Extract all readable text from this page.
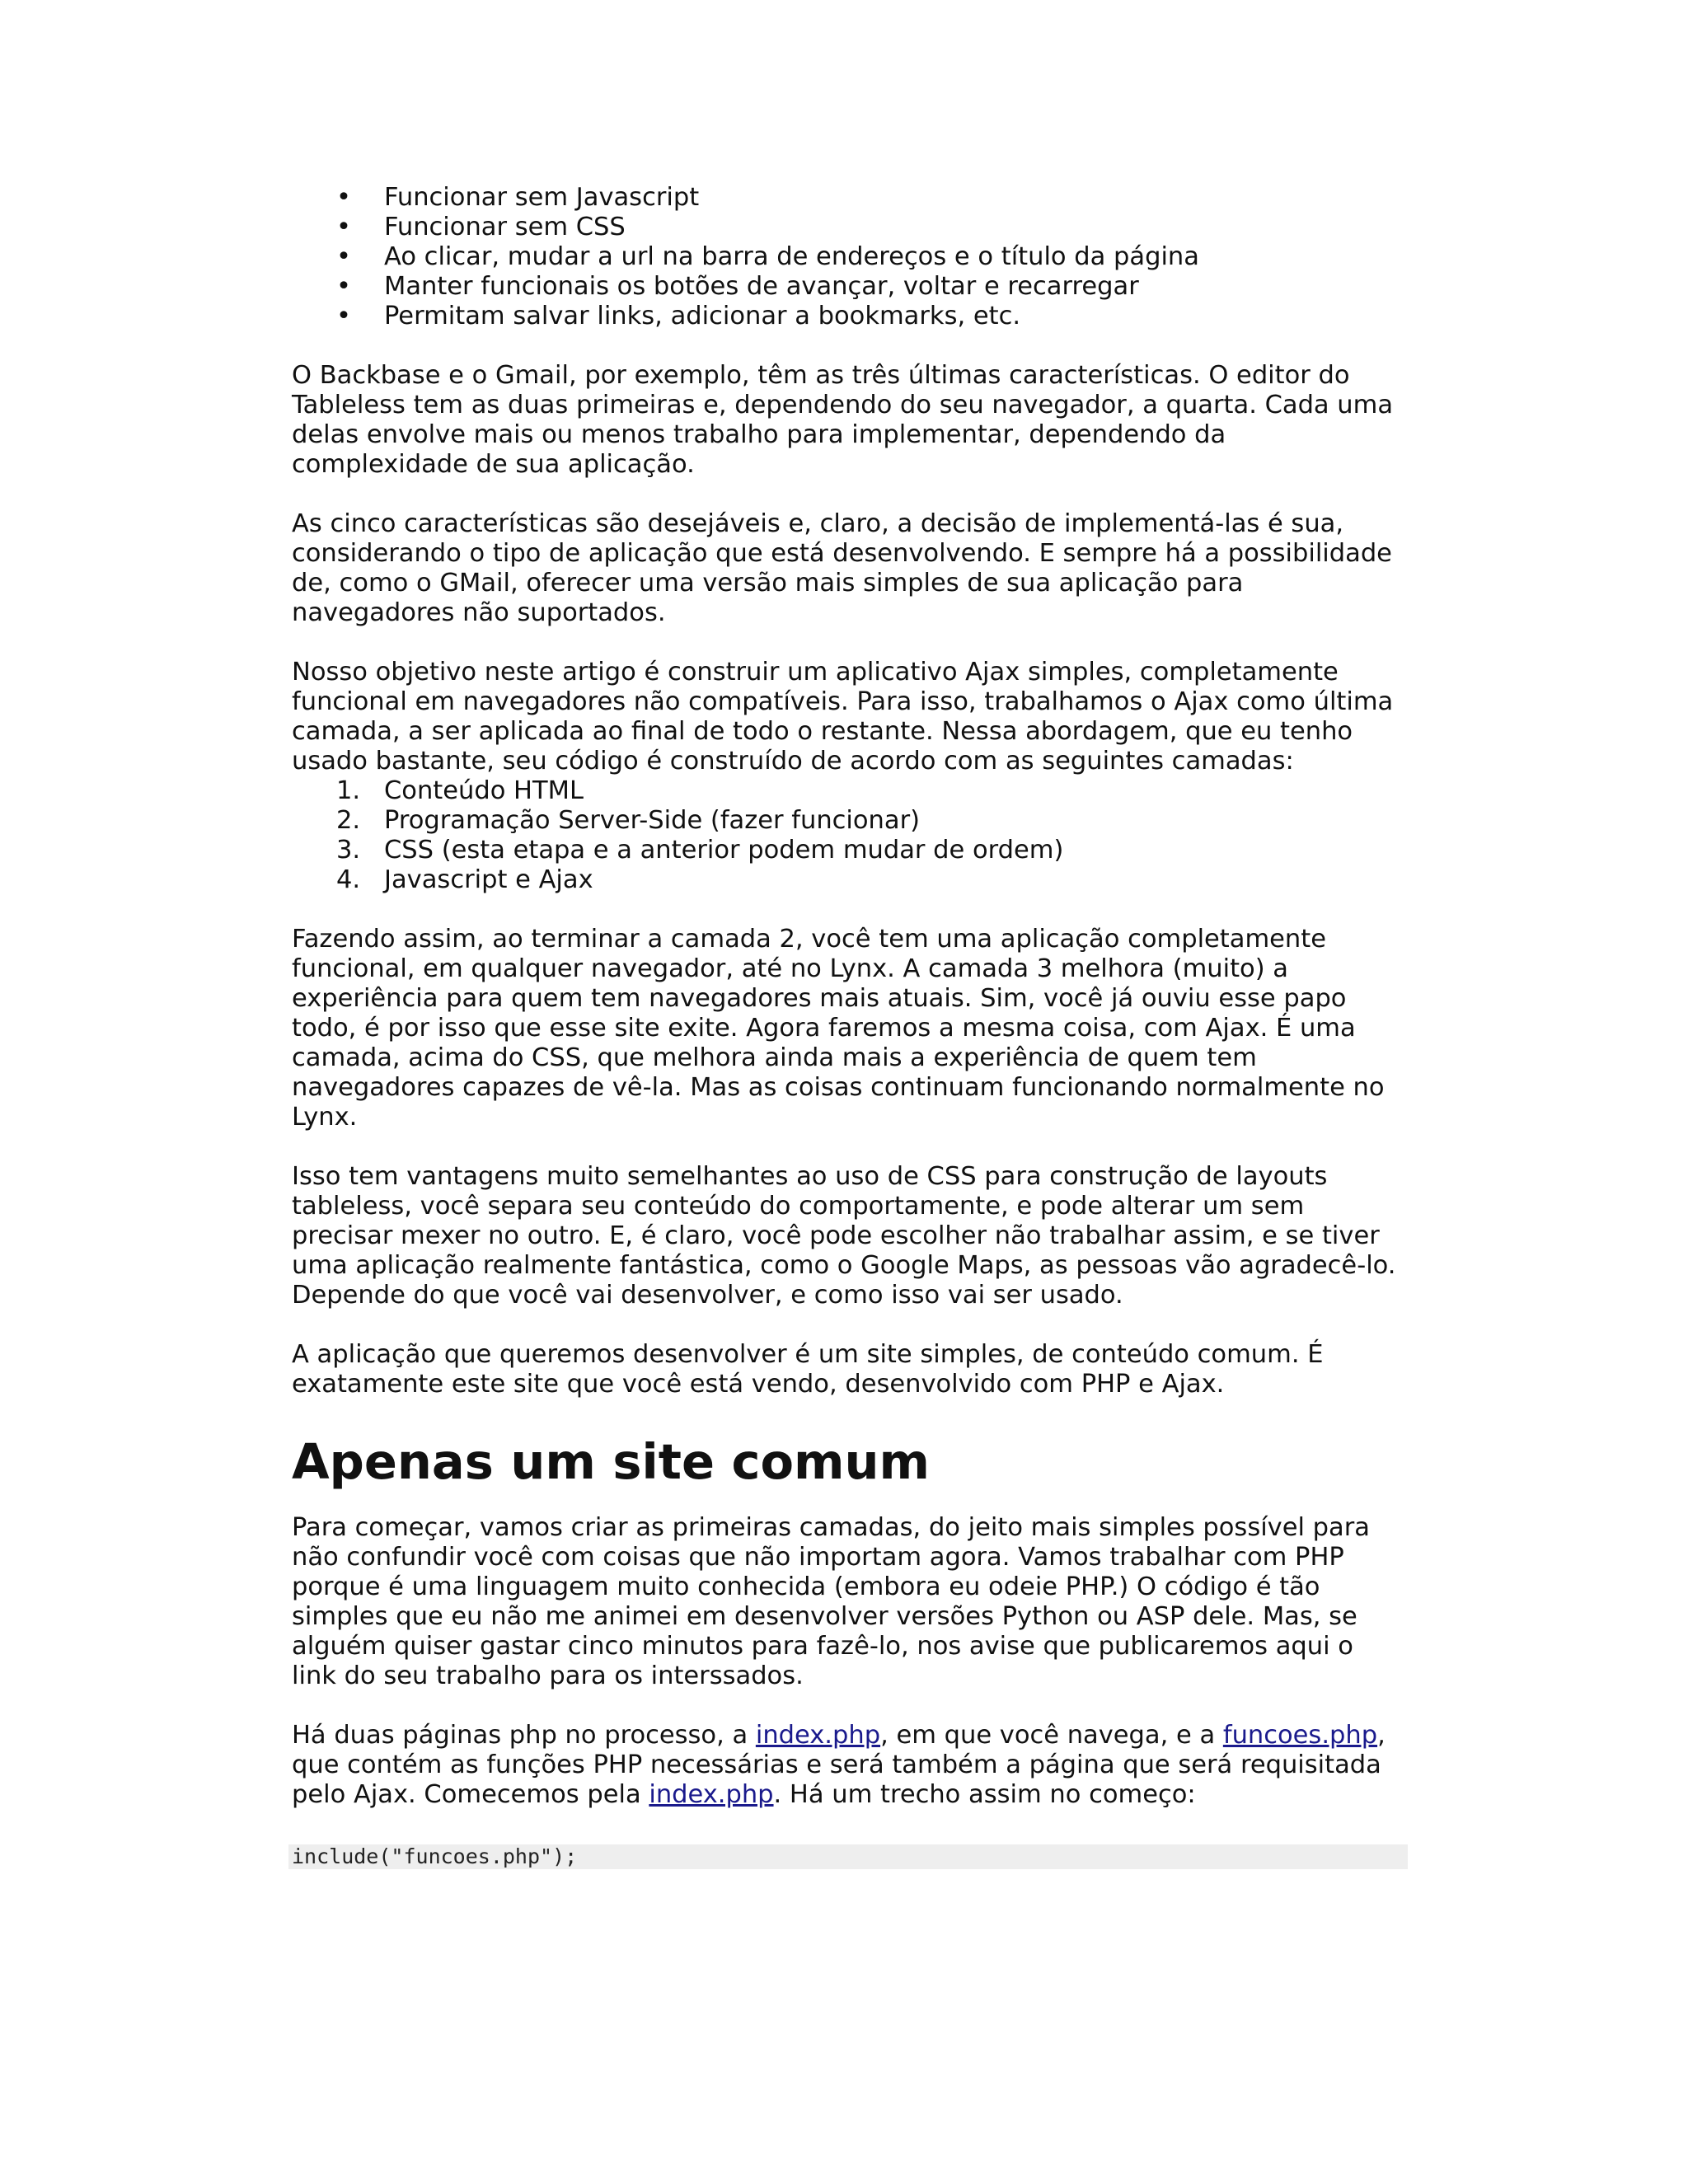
• Funcionar sem Javascript
• Funcionar sem CSS
• Ao clicar, mudar a url na barra de endereços e o título da página
• Manter funcionais os botões de avançar, voltar e recarregar
• Permitam salvar links, adicionar a bookmarks, etc.

O Backbase e o Gmail, por exemplo, têm as três últimas características. O editor do Tableless tem as duas primeiras e, dependendo do seu navegador, a quarta. Cada uma delas envolve mais ou menos trabalho para implementar, dependendo da complexidade de sua aplicação.

As cinco características são desejáveis e, claro, a decisão de implementá-las é sua, considerando o tipo de aplicação que está desenvolvendo. E sempre há a possibilidade de, como o GMail, oferecer uma versão mais simples de sua aplicação para navegadores não suportados.

Nosso objetivo neste artigo é construir um aplicativo Ajax simples, completamente funcional em navegadores não compatíveis. Para isso, trabalhamos o Ajax como última camada, a ser aplicada ao final de todo o restante. Nessa abordagem, que eu tenho usado bastante, seu código é construído de acordo com as seguintes camadas:

1. Conteúdo HTML
2. Programação Server-Side (fazer funcionar)
3. CSS (esta etapa e a anterior podem mudar de ordem)
4. Javascript e Ajax

Fazendo assim, ao terminar a camada 2, você tem uma aplicação completamente funcional, em qualquer navegador, até no Lynx. A camada 3 melhora (muito) a experiência para quem tem navegadores mais atuais. Sim, você já ouviu esse papo todo, é por isso que esse site exite. Agora faremos a mesma coisa, com Ajax. É uma camada, acima do CSS, que melhora ainda mais a experiência de quem tem navegadores capazes de vê-la. Mas as coisas continuam funcionando normalmente no Lynx.

Isso tem vantagens muito semelhantes ao uso de CSS para construção de layouts tableless, você separa seu conteúdo do comportamente, e pode alterar um sem precisar mexer no outro. E, é claro, você pode escolher não trabalhar assim, e se tiver uma aplicação realmente fantástica, como o Google Maps, as pessoas vão agradecê-lo. Depende do que você vai desenvolver, e como isso vai ser usado.

A aplicação que queremos desenvolver é um site simples, de conteúdo comum. É exatamente este site que você está vendo, desenvolvido com PHP e Ajax.

Apenas um site comum

Para começar, vamos criar as primeiras camadas, do jeito mais simples possível para não confundir você com coisas que não importam agora. Vamos trabalhar com PHP porque é uma linguagem muito conhecida (embora eu odeie PHP.) O código é tão simples que eu não me animei em desenvolver versões Python ou ASP dele. Mas, se alguém quiser gastar cinco minutos para fazê-lo, nos avise que publicaremos aqui o link do seu trabalho para os interssados.

Há duas páginas php no processo, a index.php, em que você navega, e a funcoes.php, que contém as funções PHP necessárias e será também a página que será requisitada pelo Ajax. Comecemos pela index.php. Há um trecho assim no começo:

include("funcoes.php");
